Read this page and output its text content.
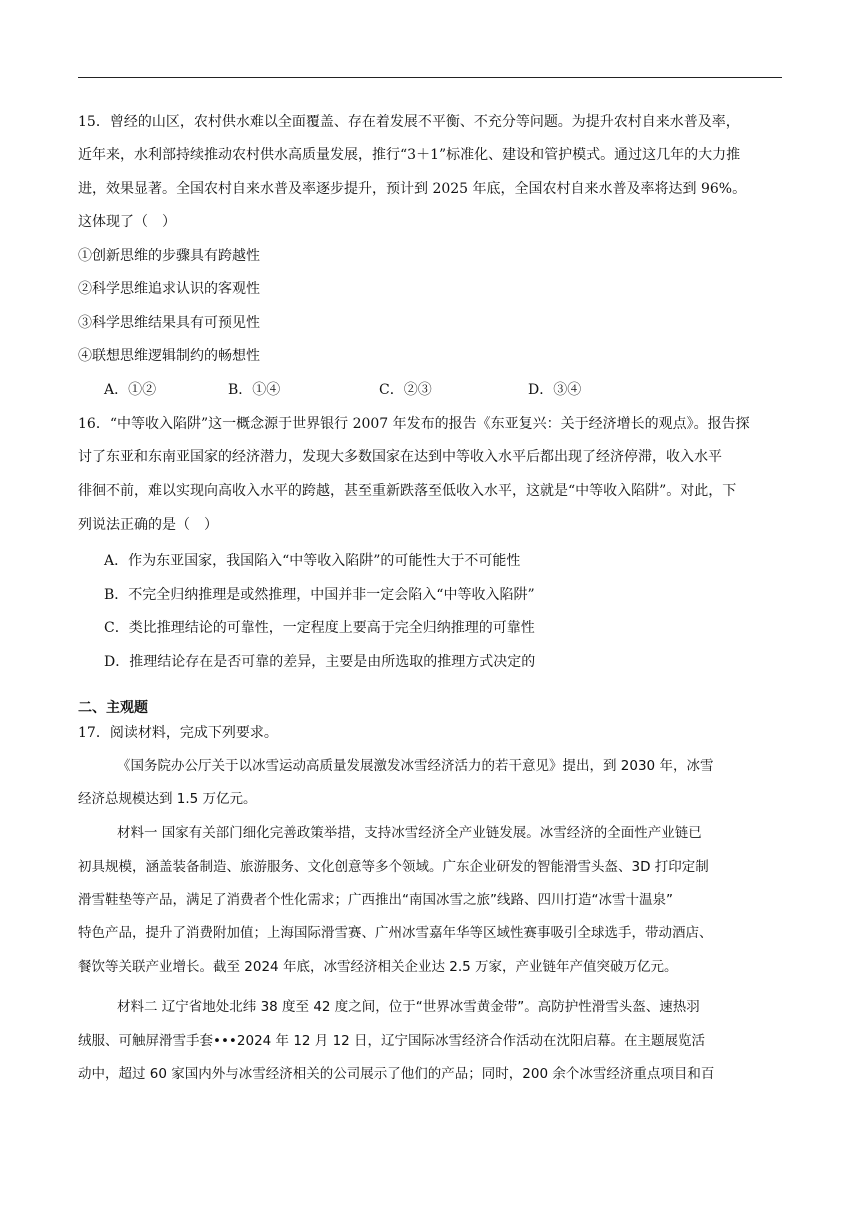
15．曾经的山区，农村供水难以全面覆盖、存在着发展不平衡、不充分等问题。为提升农村自来水普及率，
近年来，水利部持续推动农村供水高质量发展，推行“3＋1”标准化、建设和管护模式。通过这几年的大力推
进，效果显著。全国农村自来水普及率逐步提升，预计到 2025 年底，全国农村自来水普及率将达到 96%。
这体现了（　）
①创新思维的步骤具有跨越性
②科学思维追求认识的客观性
③科学思维结果具有可预见性
④联想思维逻辑制约的畅想性
A．①②	B．①④	C．②③	D．③④
16．“中等收入陷阱”这一概念源于世界银行 2007 年发布的报告《东亚复兴：关于经济增长的观点》。报告探
讨了东亚和东南亚国家的经济潜力，发现大多数国家在达到中等收入水平后都出现了经济停滞，收入水平
徘徊不前，难以实现向高收入水平的跨越，甚至重新跌落至低收入水平，这就是“中等收入陷阱”。对此，下
列说法正确的是（　）
A．作为东亚国家，我国陷入“中等收入陷阱”的可能性大于不可能性
B．不完全归纳推理是或然推理，中国并非一定会陷入“中等收入陷阱”
C．类比推理结论的可靠性，一定程度上要高于完全归纳推理的可靠性
D．推理结论存在是否可靠的差异，主要是由所选取的推理方式决定的
二、主观题
17．阅读材料，完成下列要求。
《国务院办公厅关于以冰雪运动高质量发展激发冰雪经济活力的若干意见》提出，到 2030 年，冰雪
经济总规模达到 1.5 万亿元。
材料一 国家有关部门细化完善政策举措，支持冰雪经济全产业链发展。冰雪经济的全面性产业链已
初具规模，涵盖装备制造、旅游服务、文化创意等多个领域。广东企业研发的智能滑雪头盔、3D 打印定制
滑雪鞋垫等产品，满足了消费者个性化需求；广西推出“南国冰雪之旅”线路、四川打造“冰雪十温泉”
特色产品，提升了消费附加值；上海国际滑雪赛、广州冰雪嘉年华等区域性赛事吸引全球选手，带动酒店、
餐饮等关联产业增长。截至 2024 年底，冰雪经济相关企业达 2.5 万家，产业链年产值突破万亿元。
材料二 辽宁省地处北纬 38 度至 42 度之间，位于“世界冰雪黄金带”。高防护性滑雪头盔、速热羽
绒服、可触屏滑雪手套•••2024 年 12 月 12 日，辽宁国际冰雪经济合作活动在沈阳启幕。在主题展览活
动中，超过 60 家国内外与冰雪经济相关的公司展示了他们的产品；同时，200 余个冰雪经济重点项目和百
